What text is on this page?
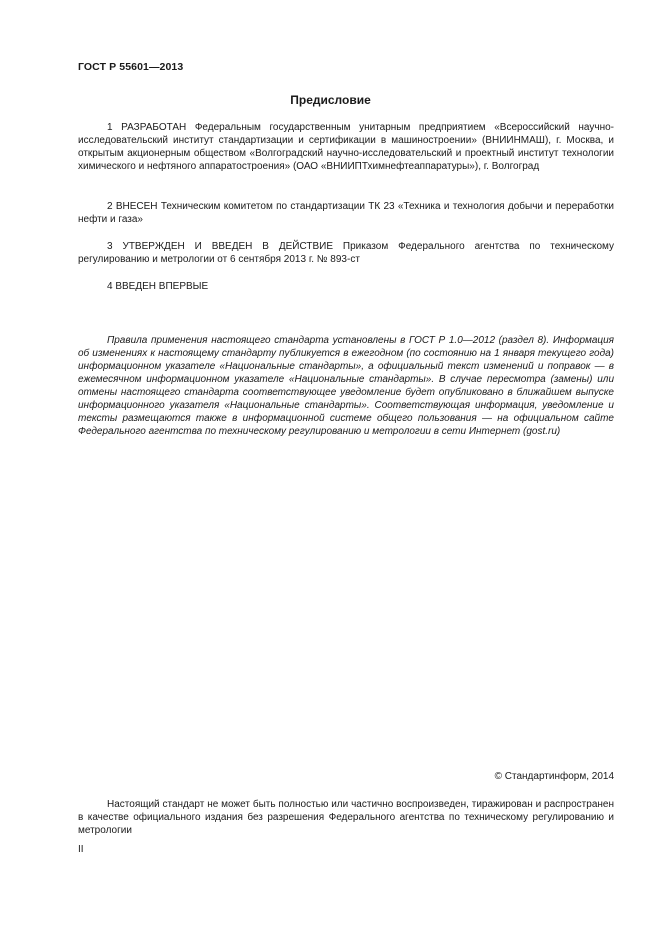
ГОСТ Р 55601—2013
Предисловие

1 РАЗРАБОТАН Федеральным государственным унитарным предприятием «Всероссийский научно-исследовательский институт стандартизации и сертификации в машиностроении» (ВНИИНМАШ), г. Москва, и открытым акционерным обществом «Волгоградский научно-исследовательский и проектный институт технологии химического и нефтяного аппаратостроения» (ОАО «ВНИИПТхимнефтеаппаратуры»), г. Волгоград

2 ВНЕСЕН Техническим комитетом по стандартизации ТК 23 «Техника и технология добычи и переработки нефти и газа»

3 УТВЕРЖДЕН И ВВЕДЕН В ДЕЙСТВИЕ Приказом Федерального агентства по техническому регулированию и метрологии от 6 сентября 2013 г. № 893-ст

4 ВВЕДЕН ВПЕРВЫЕ

Правила применения настоящего стандарта установлены в ГОСТ Р 1.0—2012 (раздел 8). Информация об изменениях к настоящему стандарту публикуется в ежегодном (по состоянию на 1 января текущего года) информационном указателе «Национальные стандарты», а официальный текст изменений и поправок — в ежемесячном информационном указателе «Национальные стандарты». В случае пересмотра (замены) или отмены настоящего стандарта соответствующее уведомление будет опубликовано в ближайшем выпуске информационного указателя «Национальные стандарты». Соответствующая информация, уведомление и тексты размещаются также в информационной системе общего пользования — на официальном сайте Федерального агентства по техническому регулированию и метрологии в сети Интернет (gost.ru)

© Стандартинформ, 2014

Настоящий стандарт не может быть полностью или частично воспроизведен, тиражирован и распространен в качестве официального издания без разрешения Федерального агентства по техническому регулированию и метрологии

II
